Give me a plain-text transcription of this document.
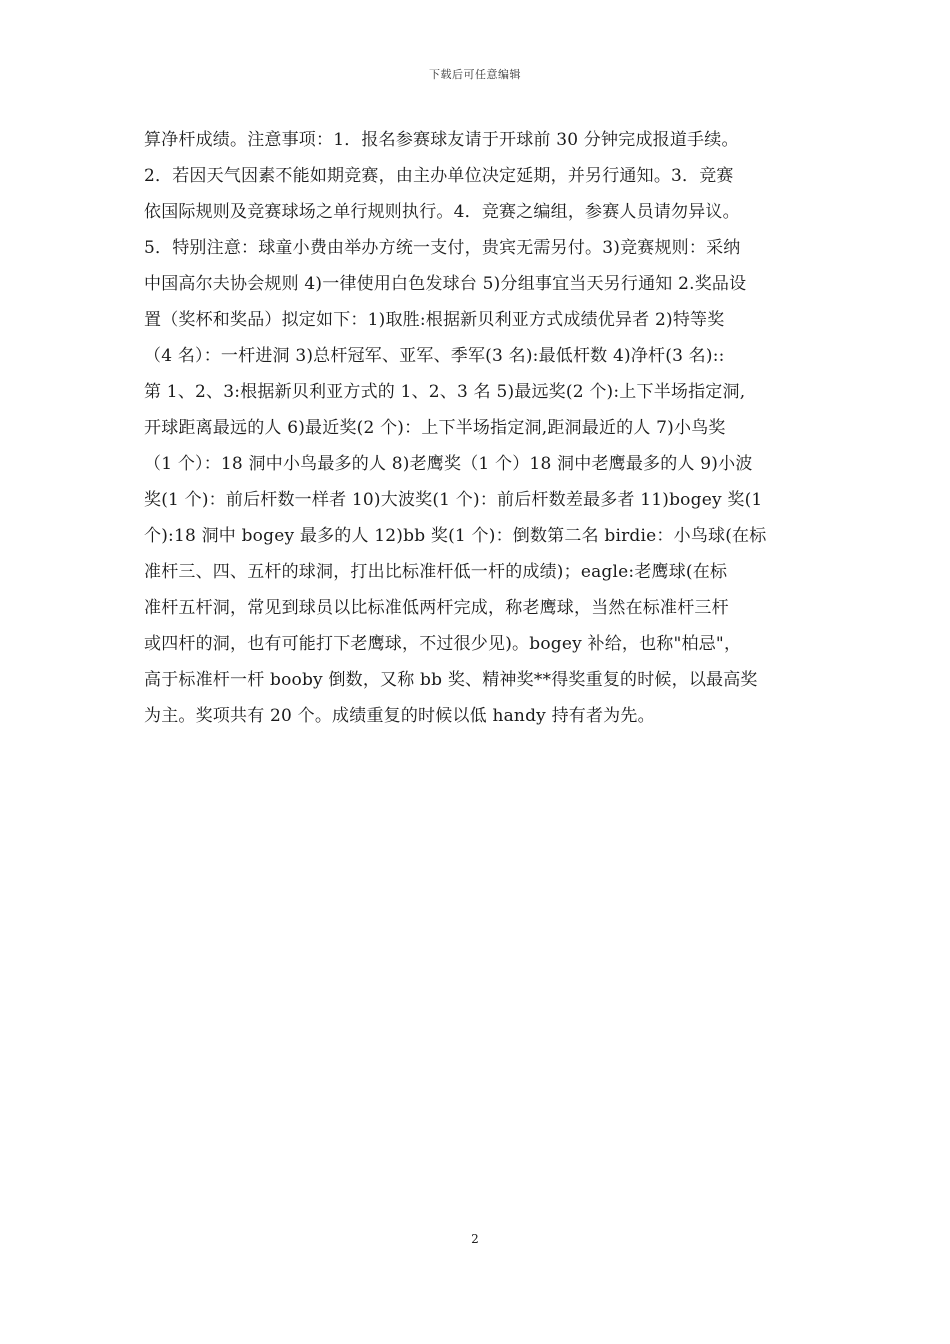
下载后可任意编辑
算净杆成绩。注意事项：1．报名参赛球友请于开球前 30 分钟完成报道手续。
2．若因天气因素不能如期竞赛，由主办单位决定延期，并另行通知。3．竞赛
依国际规则及竞赛球场之单行规则执行。4．竞赛之编组，参赛人员请勿异议。
5．特别注意：球童小费由举办方统一支付，贵宾无需另付。3)竞赛规则：采纳
中国高尔夫协会规则 4)一律使用白色发球台 5)分组事宜当天另行通知 2.奖品设
置（奖杯和奖品）拟定如下：1)取胜:根据新贝利亚方式成绩优异者 2)特等奖
（4 名）：一杆进洞 3)总杆冠军、亚军、季军(3 名):最低杆数 4)净杆(3 名)::
第 1、2、3:根据新贝利亚方式的 1、2、3 名 5)最远奖(2 个):上下半场指定洞,
开球距离最远的人 6)最近奖(2 个)：上下半场指定洞,距洞最近的人 7)小鸟奖
（1 个）：18 洞中小鸟最多的人 8)老鹰奖（1 个）18 洞中老鹰最多的人 9)小波
奖(1 个)：前后杆数一样者 10)大波奖(1 个)：前后杆数差最多者 11)bogey 奖(1
个):18 洞中 bogey 最多的人 12)bb 奖(1 个)：倒数第二名 birdie：小鸟球(在标
准杆三、四、五杆的球洞，打出比标准杆低一杆的成绩)；eagle:老鹰球(在标
准杆五杆洞，常见到球员以比标准低两杆完成，称老鹰球，当然在标准杆三杆
或四杆的洞，也有可能打下老鹰球，不过很少见)。bogey 补给，也称"柏忌"，
高于标准杆一杆 booby 倒数，又称 bb 奖、精神奖**得奖重复的时候，以最高奖
为主。奖项共有 20 个。成绩重复的时候以低 handy 持有者为先。
2
